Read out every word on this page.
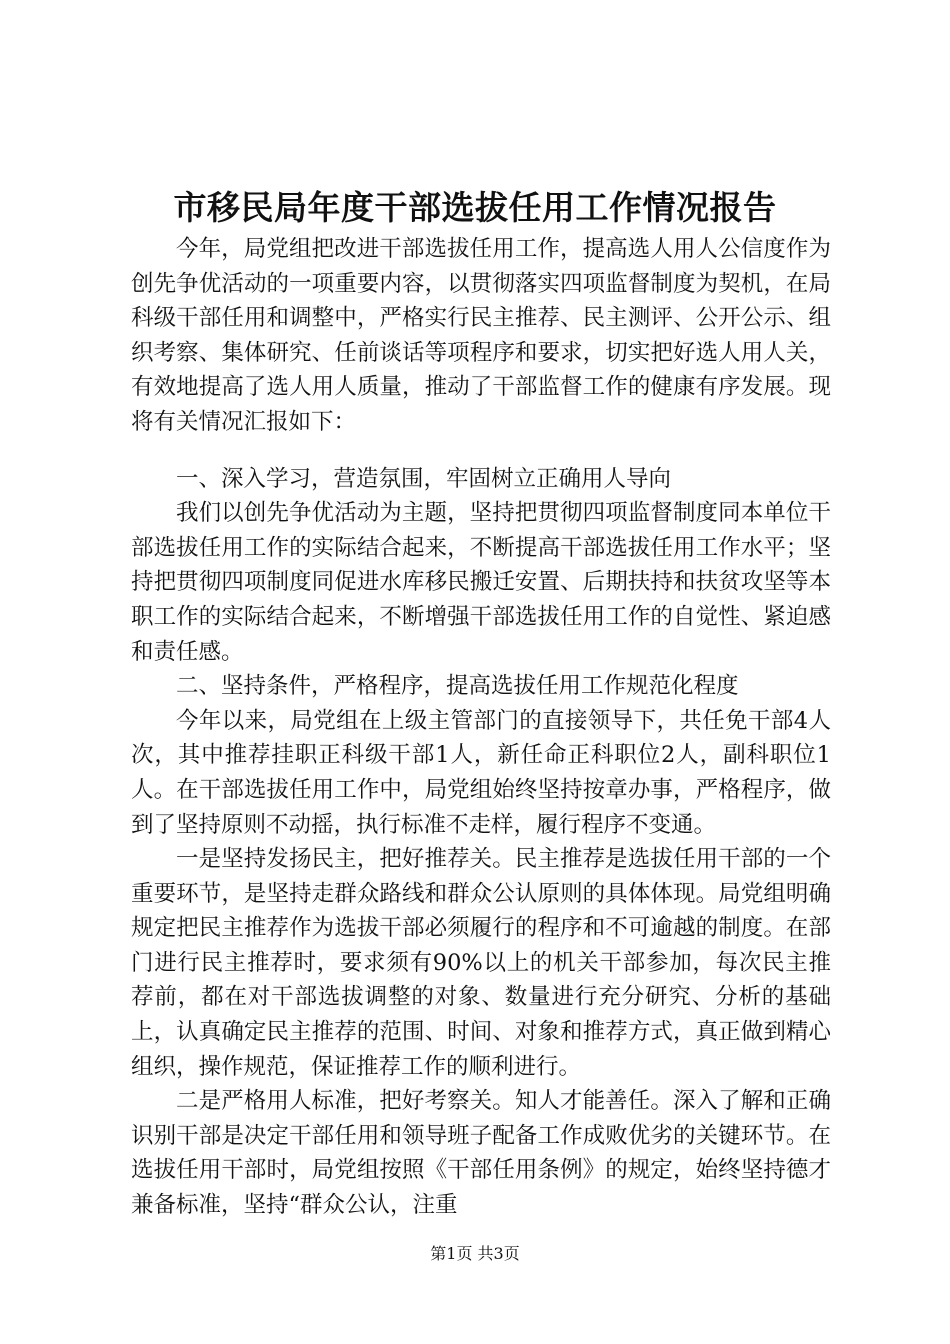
市移民局年度干部选拔任用工作情况报告

今年，局党组把改进干部选拔任用工作，提高选人用人公信度作为创先争优活动的一项重要内容，以贯彻落实四项监督制度为契机，在局科级干部任用和调整中，严格实行民主推荐、民主测评、公开公示、组织考察、集体研究、任前谈话等项程序和要求，切实把好选人用人关，有效地提高了选人用人质量，推动了干部监督工作的健康有序发展。现将有关情况汇报如下：

一、深入学习，营造氛围，牢固树立正确用人导向

我们以创先争优活动为主题，坚持把贯彻四项监督制度同本单位干部选拔任用工作的实际结合起来，不断提高干部选拔任用工作水平；坚持把贯彻四项制度同促进水库移民搬迁安置、后期扶持和扶贫攻坚等本职工作的实际结合起来，不断增强干部选拔任用工作的自觉性、紧迫感和责任感。

二、坚持条件，严格程序，提高选拔任用工作规范化程度

今年以来，局党组在上级主管部门的直接领导下，共任免干部4人次，其中推荐挂职正科级干部1人，新任命正科职位2人，副科职位1人。在干部选拔任用工作中，局党组始终坚持按章办事，严格程序，做到了坚持原则不动摇，执行标准不走样，履行程序不变通。

一是坚持发扬民主，把好推荐关。民主推荐是选拔任用干部的一个重要环节，是坚持走群众路线和群众公认原则的具体体现。局党组明确规定把民主推荐作为选拔干部必须履行的程序和不可逾越的制度。在部门进行民主推荐时，要求须有90%以上的机关干部参加，每次民主推荐前，都在对干部选拔调整的对象、数量进行充分研究、分析的基础上，认真确定民主推荐的范围、时间、对象和推荐方式，真正做到精心组织，操作规范，保证推荐工作的顺利进行。

二是严格用人标准，把好考察关。知人才能善任。深入了解和正确识别干部是决定干部任用和领导班子配备工作成败优劣的关键环节。在选拔任用干部时，局党组按照《干部任用条例》的规定，始终坚持德才兼备标准，坚持“群众公认，注重

第1页 共3页
